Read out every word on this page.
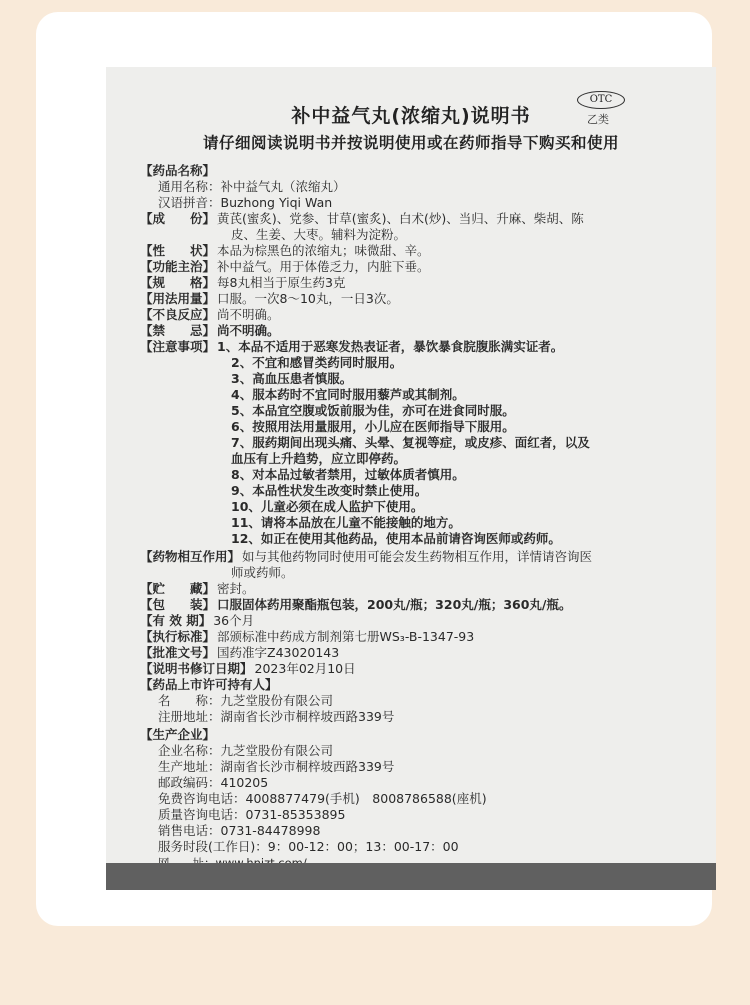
补中益气丸(浓缩丸)说明书
OTC
乙类
请仔细阅读说明书并按说明使用或在药师指导下购买和使用
【药品名称】
通用名称：补中益气丸（浓缩丸）
汉语拼音：Buzhong Yiqi Wan
【成　　份】 黄芪(蜜炙)、党参、甘草(蜜炙)、白术(炒)、当归、升麻、柴胡、陈
皮、生姜、大枣。辅料为淀粉。
【性　　状】 本品为棕黑色的浓缩丸；味微甜、辛。
【功能主治】 补中益气。用于体倦乏力，内脏下垂。
【规　　格】 每8丸相当于原生药3克
【用法用量】 口服。一次8～10丸，一日3次。
【不良反应】 尚不明确。
【禁　　忌】 尚不明确。
【注意事项】 1、本品不适用于恶寒发热表证者，暴饮暴食脘腹胀满实证者。
2、不宜和感冒类药同时服用。
3、高血压患者慎服。
4、服本药时不宜同时服用藜芦或其制剂。
5、本品宜空腹或饭前服为佳，亦可在进食同时服。
6、按照用法用量服用，小儿应在医师指导下服用。
7、服药期间出现头痛、头晕、复视等症，或皮疹、面红者，以及
血压有上升趋势，应立即停药。
8、对本品过敏者禁用，过敏体质者慎用。
9、本品性状发生改变时禁止使用。
10、儿童必须在成人监护下使用。
11、请将本品放在儿童不能接触的地方。
12、如正在使用其他药品，使用本品前请咨询医师或药师。
【药物相互作用】 如与其他药物同时使用可能会发生药物相互作用，详情请咨询医
师或药师。
【贮　　藏】 密封。
【包　　装】 口服固体药用聚酯瓶包装，200丸/瓶；320丸/瓶；360丸/瓶。
【有 效 期】 36个月
【执行标准】 部颁标准中药成方制剂第七册WS₃-B-1347-93
【批准文号】 国药准字Z43020143
【说明书修订日期】 2023年02月10日
【药品上市许可持有人】
名　　称：九芝堂股份有限公司
注册地址：湖南省长沙市桐梓坡西路339号
【生产企业】
企业名称：九芝堂股份有限公司
生产地址：湖南省长沙市桐梓坡西路339号
邮政编码：410205
免费咨询电话：4008877479(手机)　8008786588(座机)
质量咨询电话：0731-85353895
销售电话：0731-84478998
服务时段(工作日)：9：00-12：00；13：00-17：00
